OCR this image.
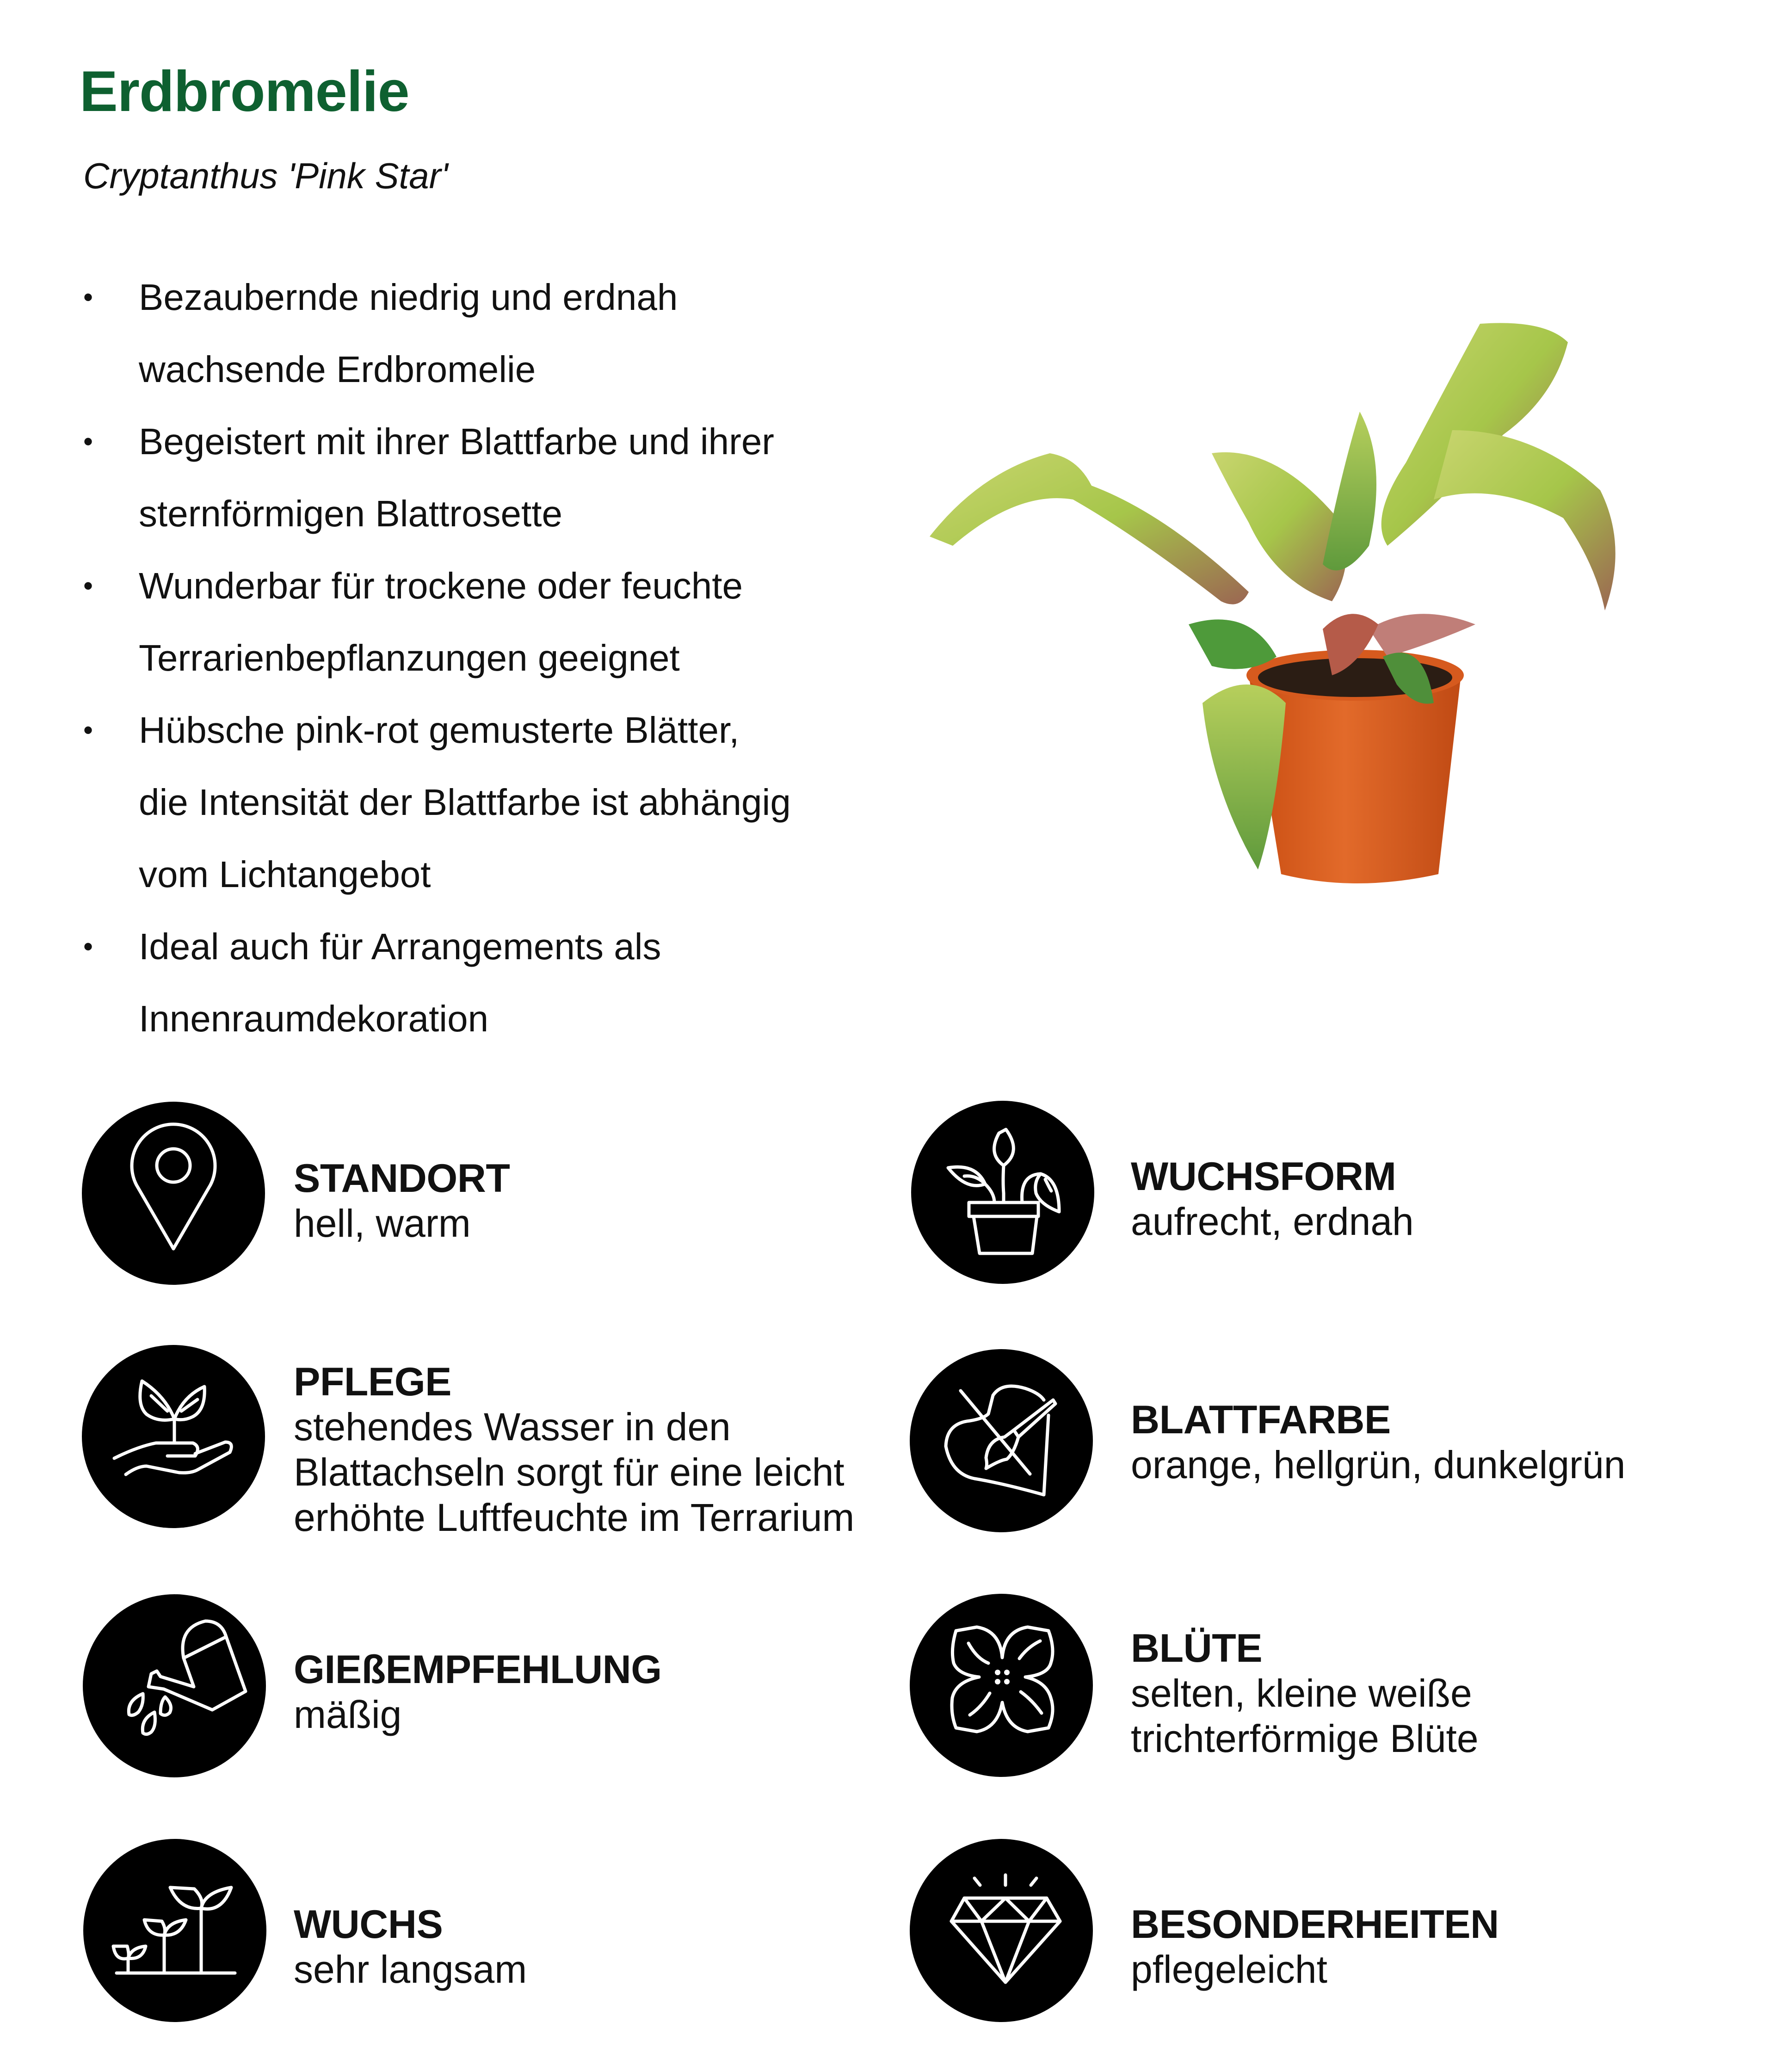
Erdbromelie
Cryptanthus 'Pink Star'
• Bezaubernde niedrig und erdnah
wachsende Erdbromelie
• Begeistert mit ihrer Blattfarbe und ihrer
sternförmigen Blattrosette
• Wunderbar für trockene oder feuchte
Terrarienbepflanzungen geeignet
• Hübsche pink-rot gemusterte Blätter,
die Intensität der Blattfarbe ist abhängig
vom Lichtangebot
• Ideal auch für Arrangements als
Innenraumdekoration
STANDORT
hell, warm
PFLEGE
stehendes Wasser in den
Blattachseln sorgt für eine leicht
erhöhte Luftfeuchte im Terrarium
GIEßEMPFEHLUNG
mäßig
WUCHS
sehr langsam
WUCHSFORM
aufrecht, erdnah
BLATTFARBE
orange, hellgrün, dunkelgrün
BLÜTE
selten, kleine weiße
trichterförmige Blüte
BESONDERHEITEN
pflegeleicht
